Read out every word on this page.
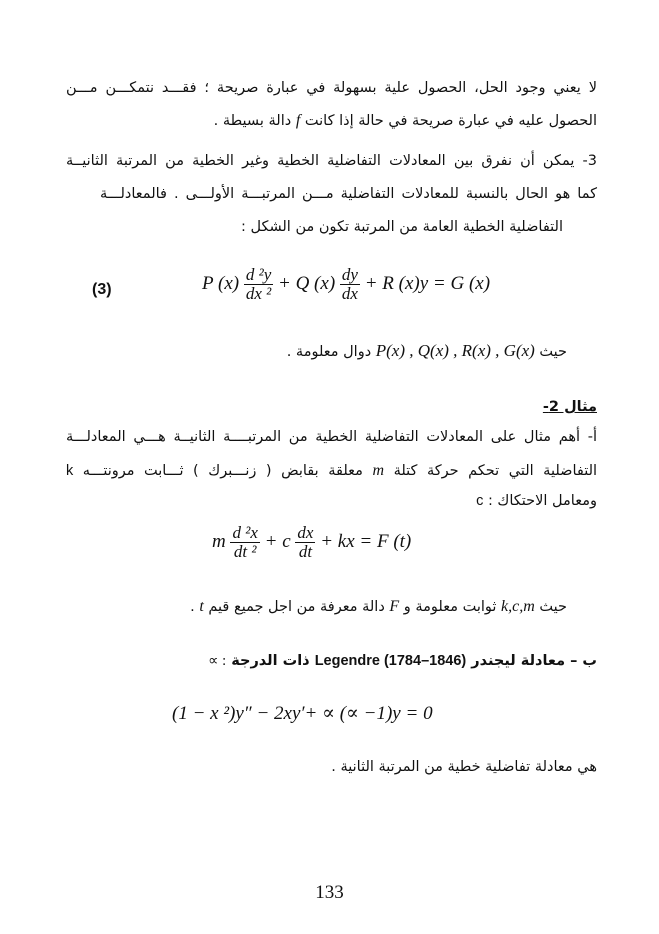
لا يعني وجود الحل، الحصول علية بسهولة في عبارة صريحة ؛ فقـــد نتمكـــن مـــن
الحصول عليه في عبارة صريحة في حالة إذا كانت f دالة بسيطة .
3- يمكن أن نفرق بين المعادلات التفاضلية الخطية وغير الخطية من المرتبة الثانيــة
كما هو الحال بالنسبة للمعادلات التفاضلية مـــن المرتبـــة الأولـــى . فالمعادلـــة
التفاضلية الخطية العامة من المرتبة تكون من الشكل :
(3)	P $(x) \frac{\text{d ²y}}{\text{dx ²}} + Q$ $(x) \frac{dy}{dx} + R$ (x)y = G (x)
حيث P(x) , Q(x) , R(x) , G(x) دوال معلومة .
مثال 2-
أ- أهم مثال على المعادلات التفاضلية الخطية من المرتبــــة الثانيــة هـــي المعادلـــة
التفاضلية التي تحكم حركة كتلة m معلقة بقابض ( زنـــبرك ) ثـــابت مرونتـــه k
ومعامل الاحتكاك : c
m $\frac{\text{d ²x}}{\text{dt ²}} + c \frac{dx}{dt}$ + kx = F (t)
حيث k,c,m ثوابت معلومة و F دالة معرفة من اجل جميع قيم t .
ب – معادلة ليجندر Legendre (1784–1846) ذات الدرجة ∝ :
(1 − x ²)y″ − 2xy′+ ∝ (∝ −1)y = 0
هي معادلة تفاضلية خطية من المرتبة الثانية .
133
